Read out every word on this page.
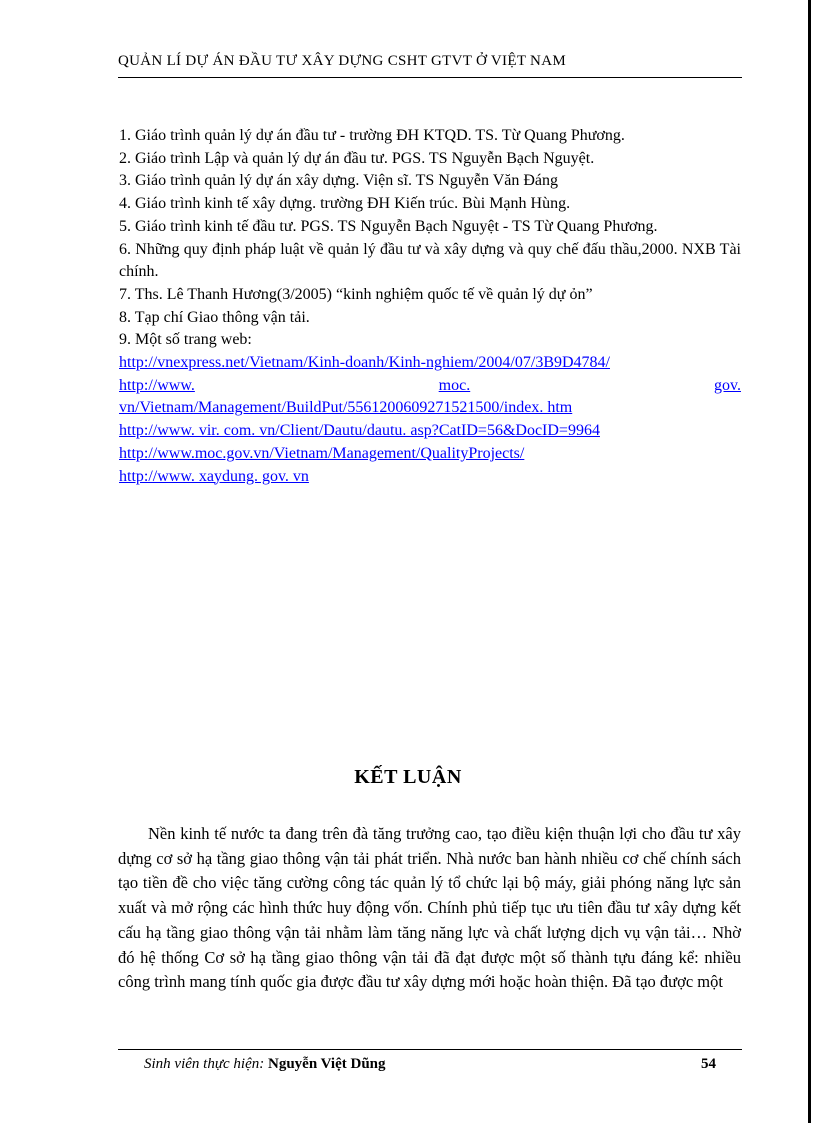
QUẢN LÍ DỰ ÁN ĐẦU TƯ XÂY DỰNG CSHT GTVT Ở VIỆT NAM

1. Giáo trình quản lý dự án đầu tư - trường ĐH KTQD. TS. Từ Quang Phương.

2. Giáo trình Lập và quản lý dự án đầu tư. PGS. TS Nguyễn Bạch Nguyệt.

3. Giáo trình quản lý dự án xây dựng. Viện sĩ. TS Nguyễn Văn Đáng

4. Giáo trình kinh tế xây dựng. trường ĐH Kiến trúc. Bùi Mạnh Hùng.

5. Giáo trình kinh tế đầu tư. PGS. TS Nguyễn Bạch Nguyệt - TS Từ Quang Phương.

6. Những quy định pháp luật về quản lý đầu tư và xây dựng và quy chế đấu thầu,2000. NXB Tài chính.

7. Ths. Lê Thanh Hương(3/2005) “kinh nghiệm quốc tế về quản lý dự ỏn”

8. Tạp chí Giao thông vận tải.

9. Một số trang web:

http://vnexpress.net/Vietnam/Kinh-doanh/Kinh-nghiem/2004/07/3B9D4784/
http://www.	moc.	gov.
vn/Vietnam/Management/BuildPut/5561200609271521500/index. htm
http://www. vir. com. vn/Client/Dautu/dautu. asp?CatID=56&DocID=9964
http://www.moc.gov.vn/Vietnam/Management/QualityProjects/
http://www. xaydung. gov. vn
KẾT LUẬN

Nền kinh tế nước ta đang trên đà tăng trưởng cao, tạo điều kiện thuận lợi cho đầu tư xây dựng cơ sở hạ tầng giao thông vận tải phát triển. Nhà nước ban hành nhiều cơ chế chính sách tạo tiền đề cho việc tăng cường công tác quản lý tổ chức lại bộ máy, giải phóng năng lực sản xuất và mở rộng các hình thức huy động vốn. Chính phủ tiếp tục ưu tiên đầu tư xây dựng kết cấu hạ tầng giao thông vận tải nhằm làm tăng năng lực và chất lượng dịch vụ vận tải… Nhờ đó hệ thống Cơ sở hạ tầng giao thông vận tải đã đạt được một số thành tựu đáng kể: nhiều công trình mang tính quốc gia được đầu tư xây dựng mới hoặc hoàn thiện. Đã tạo được một

Sinh viên thực hiện: Nguyễn Việt Dũng	54
